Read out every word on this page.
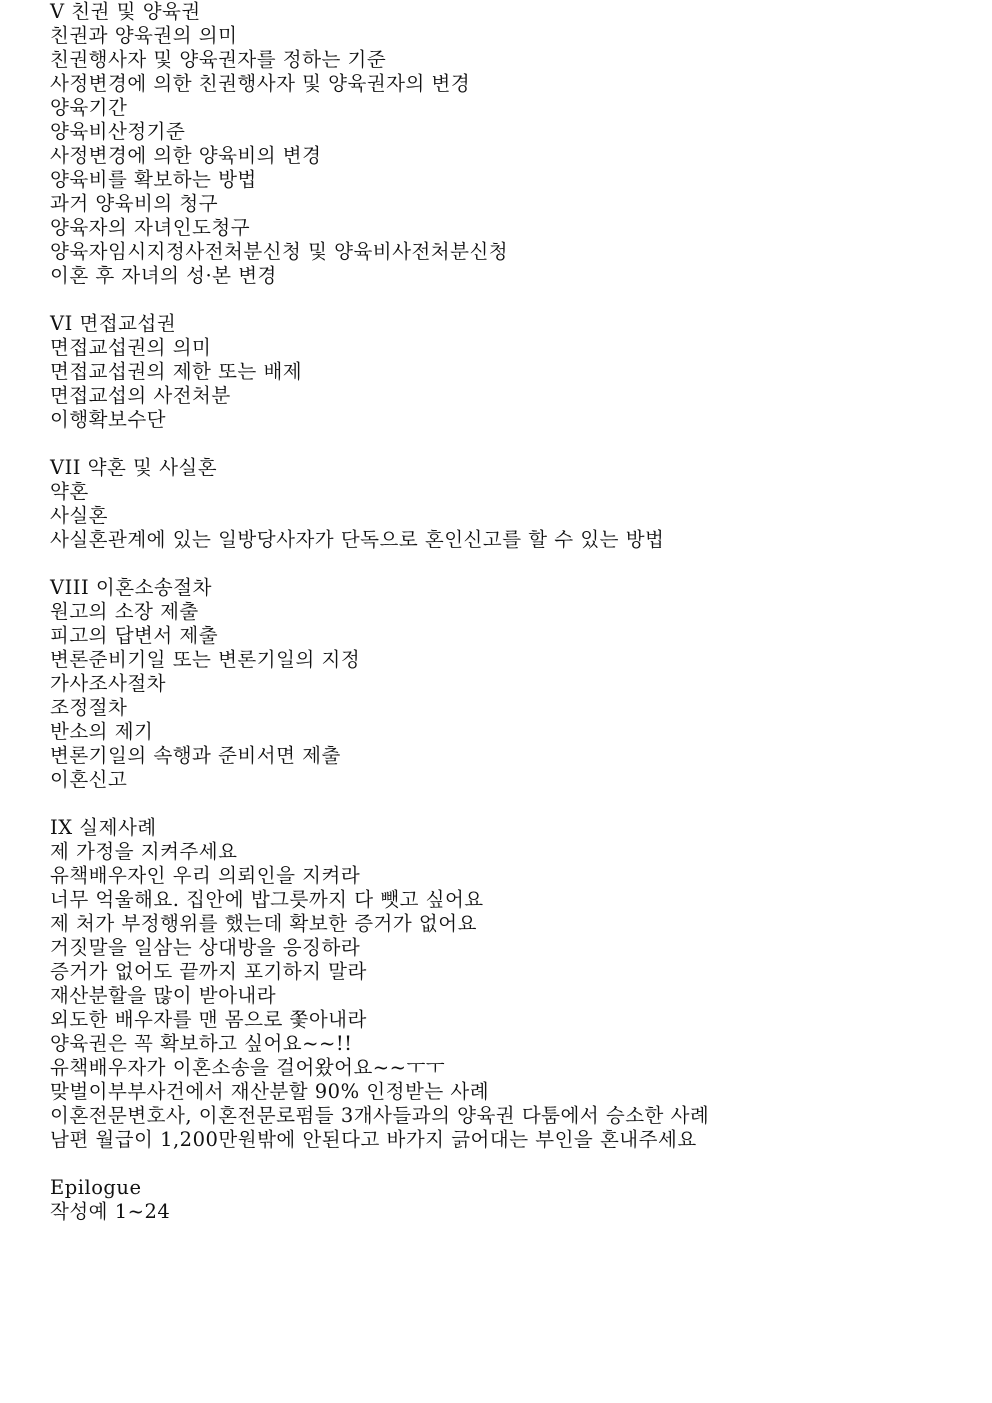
V 친권 및 양육권
친권과 양육권의 의미
친권행사자 및 양육권자를 정하는 기준
사정변경에 의한 친권행사자 및 양육권자의 변경
양육기간
양육비산정기준
사정변경에 의한 양육비의 변경
양육비를 확보하는 방법
과거 양육비의 청구
양육자의 자녀인도청구
양육자임시지정사전처분신청 및 양육비사전처분신청
이혼 후 자녀의 성·본 변경
VI 면접교섭권
면접교섭권의 의미
면접교섭권의 제한 또는 배제
면접교섭의 사전처분
이행확보수단
VII 약혼 및 사실혼
약혼
사실혼
사실혼관계에 있는 일방당사자가 단독으로 혼인신고를 할 수 있는 방법
VIII 이혼소송절차
원고의 소장 제출
피고의 답변서 제출
변론준비기일 또는 변론기일의 지정
가사조사절차
조정절차
반소의 제기
변론기일의 속행과 준비서면 제출
이혼신고
IX 실제사례
제 가정을 지켜주세요
유책배우자인 우리 의뢰인을 지켜라
너무 억울해요. 집안에 밥그릇까지 다 뺏고 싶어요
제 처가 부정행위를 했는데 확보한 증거가 없어요
거짓말을 일삼는 상대방을 응징하라
증거가 없어도 끝까지 포기하지 말라
재산분할을 많이 받아내라
외도한 배우자를 맨 몸으로 쫓아내라
양육권은 꼭 확보하고 싶어요~~!!
유책배우자가 이혼소송을 걸어왔어요~~ㅜㅜ
맞벌이부부사건에서 재산분할 90% 인정받는 사례
이혼전문변호사, 이혼전문로펌들 3개사들과의 양육권 다툼에서 승소한 사례
남편 월급이 1,200만원밖에 안된다고 바가지 긁어대는 부인을 혼내주세요
Epilogue
작성예 1~24
